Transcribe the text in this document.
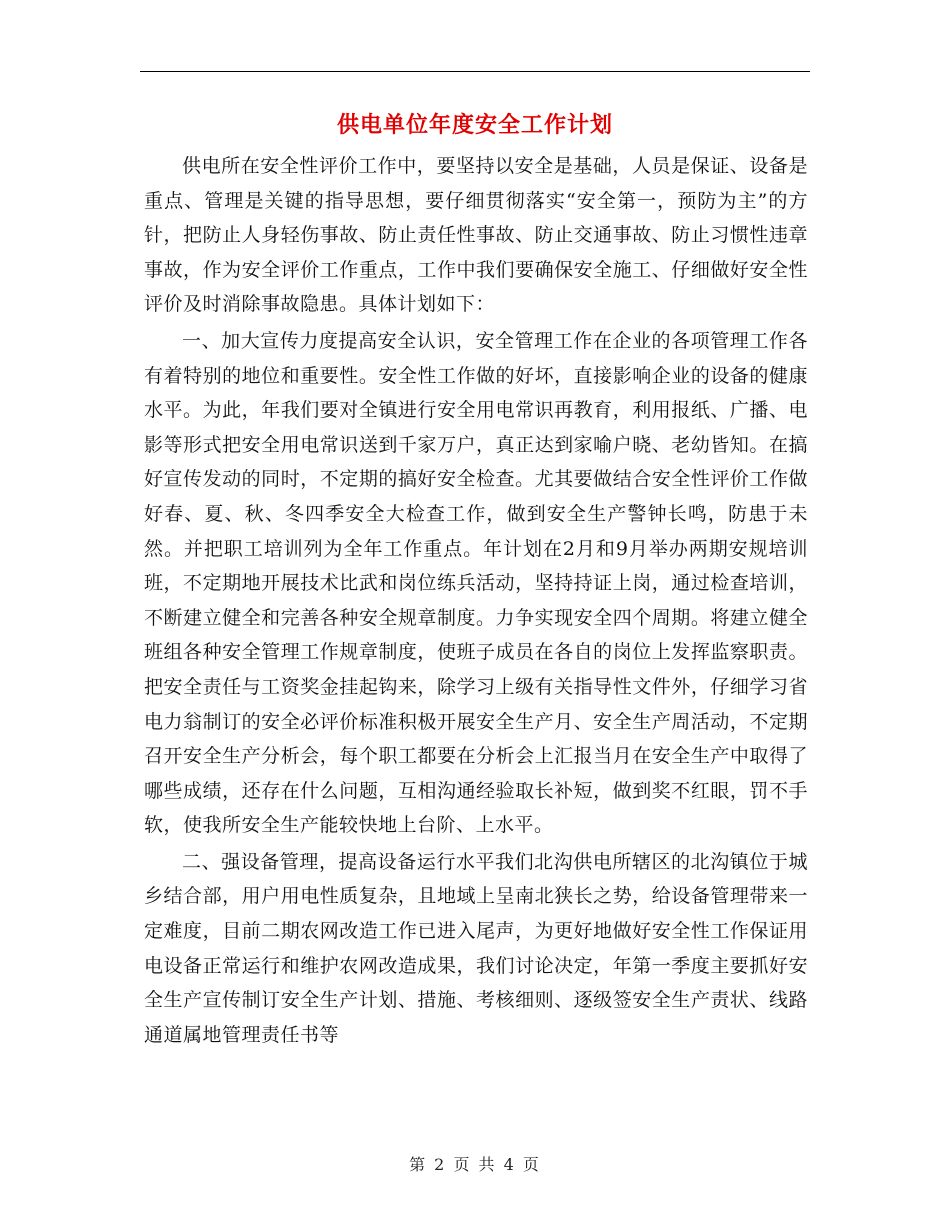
供电单位年度安全工作计划

供电所在安全性评价工作中，要坚持以安全是基础，人员是保证、设备是重点、管理是关键的指导思想，要仔细贯彻落实“安全第一，预防为主”的方针，把防止人身轻伤事故、防止责任性事故、防止交通事故、防止习惯性违章事故，作为安全评价工作重点，工作中我们要确保安全施工、仔细做好安全性评价及时消除事故隐患。具体计划如下：

一、加大宣传力度提高安全认识，安全管理工作在企业的各项管理工作各有着特别的地位和重要性。安全性工作做的好坏，直接影响企业的设备的健康水平。为此，年我们要对全镇进行安全用电常识再教育，利用报纸、广播、电影等形式把安全用电常识送到千家万户，真正达到家喻户晓、老幼皆知。在搞好宣传发动的同时，不定期的搞好安全检查。尤其要做结合安全性评价工作做好春、夏、秋、冬四季安全大检查工作，做到安全生产警钟长鸣，防患于未然。并把职工培训列为全年工作重点。年计划在2月和9月举办两期安规培训班，不定期地开展技术比武和岗位练兵活动，坚持持证上岗，通过检查培训，不断建立健全和完善各种安全规章制度。力争实现安全四个周期。将建立健全班组各种安全管理工作规章制度，使班子成员在各自的岗位上发挥监察职责。把安全责任与工资奖金挂起钩来，除学习上级有关指导性文件外，仔细学习省电力翁制订的安全必评价标准积极开展安全生产月、安全生产周活动，不定期召开安全生产分析会，每个职工都要在分析会上汇报当月在安全生产中取得了哪些成绩，还存在什么问题，互相沟通经验取长补短，做到奖不红眼，罚不手软，使我所安全生产能较快地上台阶、上水平。

二、强设备管理，提高设备运行水平我们北沟供电所辖区的北沟镇位于城乡结合部，用户用电性质复杂，且地域上呈南北狭长之势，给设备管理带来一定难度，目前二期农网改造工作已进入尾声，为更好地做好安全性工作保证用电设备正常运行和维护农网改造成果，我们讨论决定，年第一季度主要抓好安全生产宣传制订安全生产计划、措施、考核细则、逐级签安全生产责状、线路通道属地管理责任书等

第 2 页 共 4 页
